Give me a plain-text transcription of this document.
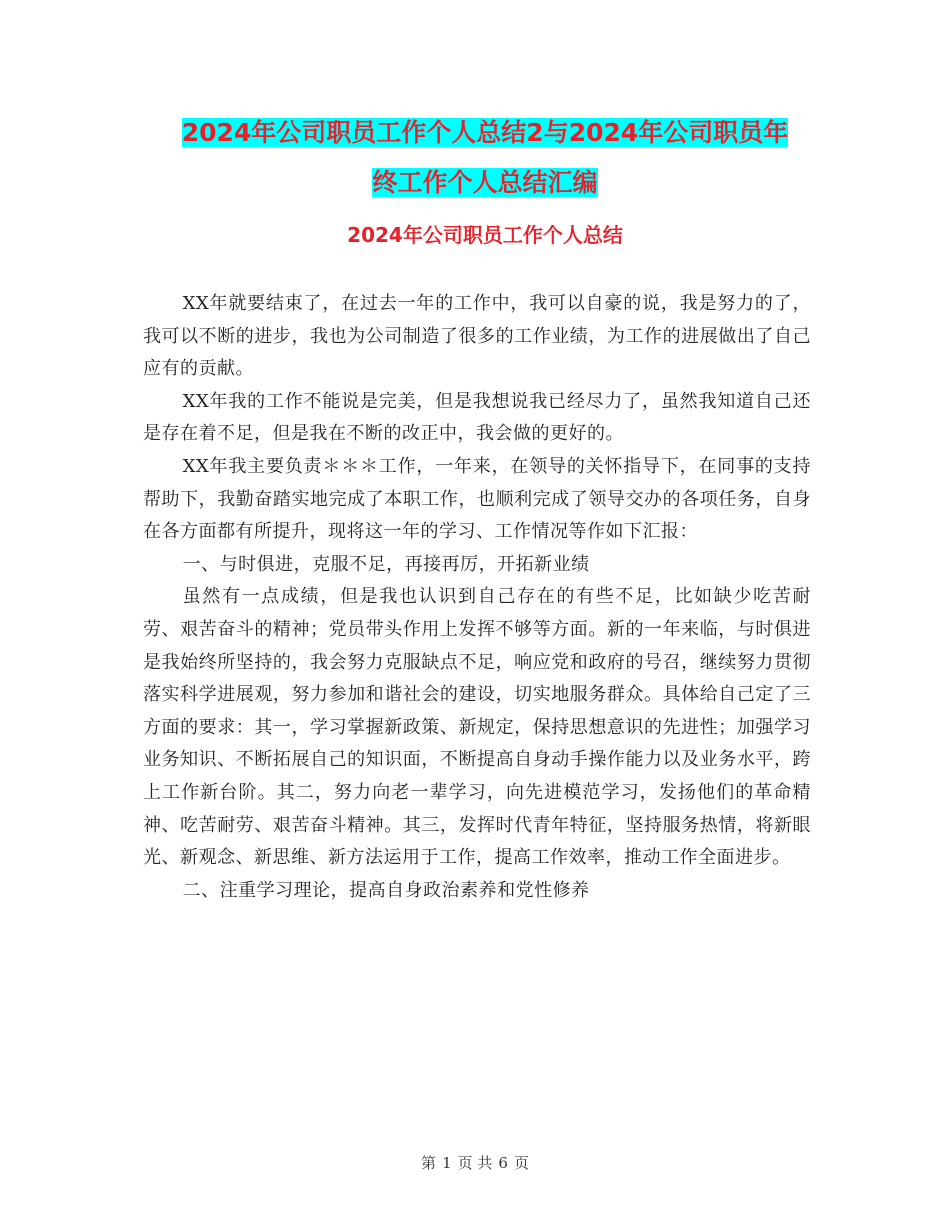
2024年公司职员工作个人总结2与2024年公司职员年
终工作个人总结汇编
2024年公司职员工作个人总结

XX年就要结束了，在过去一年的工作中，我可以自豪的说，我是努力的了，我可以不断的进步，我也为公司制造了很多的工作业绩，为工作的进展做出了自己应有的贡献。

XX年我的工作不能说是完美，但是我想说我已经尽力了，虽然我知道自己还是存在着不足，但是我在不断的改正中，我会做的更好的。

XX年我主要负责＊＊＊工作，一年来，在领导的关怀指导下，在同事的支持帮助下，我勤奋踏实地完成了本职工作，也顺利完成了领导交办的各项任务，自身在各方面都有所提升，现将这一年的学习、工作情况等作如下汇报：

一、与时俱进，克服不足，再接再厉，开拓新业绩

虽然有一点成绩，但是我也认识到自己存在的有些不足，比如缺少吃苦耐劳、艰苦奋斗的精神；党员带头作用上发挥不够等方面。新的一年来临，与时俱进是我始终所坚持的，我会努力克服缺点不足，响应党和政府的号召，继续努力贯彻落实科学进展观，努力参加和谐社会的建设，切实地服务群众。具体给自己定了三方面的要求：其一，学习掌握新政策、新规定，保持思想意识的先进性；加强学习业务知识、不断拓展自己的知识面，不断提高自身动手操作能力以及业务水平，跨上工作新台阶。其二，努力向老一辈学习，向先进模范学习，发扬他们的革命精神、吃苦耐劳、艰苦奋斗精神。其三，发挥时代青年特征，坚持服务热情，将新眼光、新观念、新思维、新方法运用于工作，提高工作效率，推动工作全面进步。

二、注重学习理论，提高自身政治素养和党性修养

第 1 页 共 6 页
